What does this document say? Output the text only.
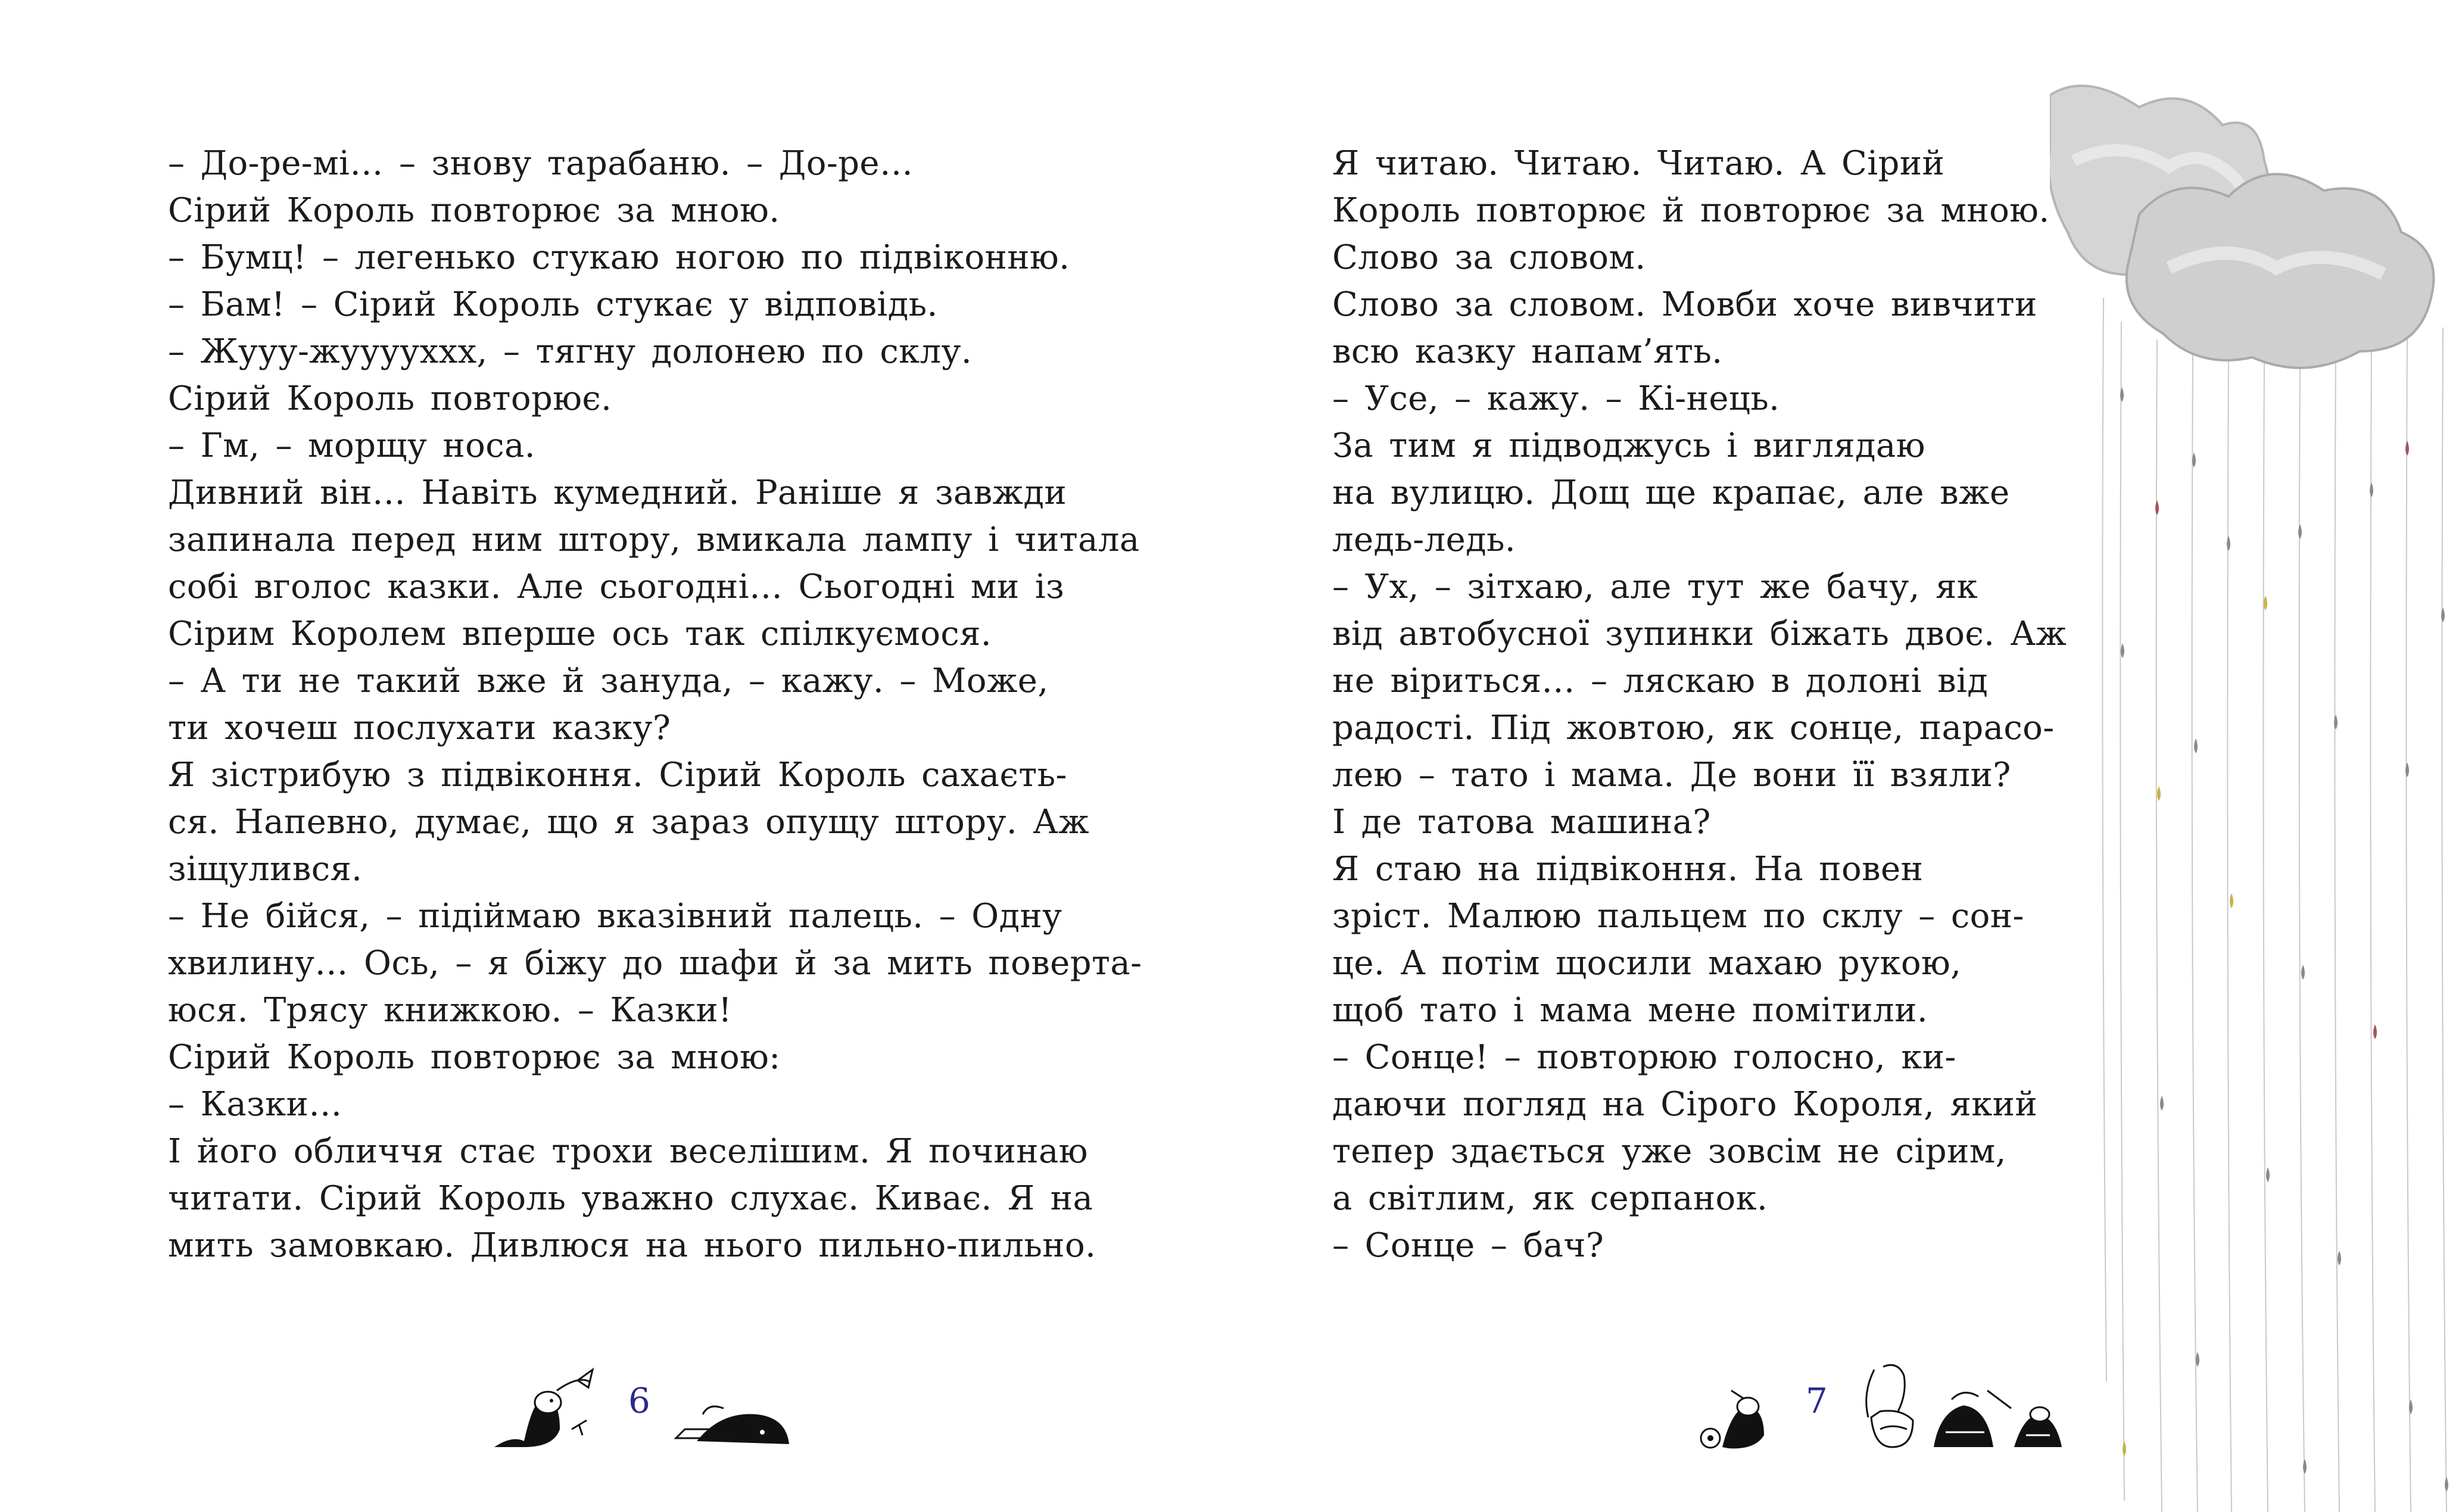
– До-ре-мі… – знову тарабаню. – До-ре…
Сірий Король повторює за мною.
– Бумц! – легенько стукаю ногою по підвіконню.
– Бам! – Сірий Король стукає у відповідь.
– Жууу-жууууххх, – тягну долонею по склу.
Сірий Король повторює.
– Гм, – морщу носа.
Дивний він… Навіть кумедний. Раніше я завжди
запинала перед ним штору, вмикала лампу і читала
собі вголос казки. Але сьогодні… Сьогодні ми із
Сірим Королем вперше ось так спілкуємося.
– А ти не такий вже й зануда, – кажу. – Може,
ти хочеш послухати казку?
Я зістрибую з підвіконня. Сірий Король сахаєть-
ся. Напевно, думає, що я зараз опущу штору. Аж
зіщулився.
– Не бійся, – підіймаю вказівний палець. – Одну
хвилину… Ось, – я біжу до шафи й за мить поверта-
юся. Трясу книжкою. – Казки!
Сірий Король повторює за мною:
– Казки…
І його обличчя стає трохи веселішим. Я починаю
читати. Сірий Король уважно слухає. Киває. Я на
мить замовкаю. Дивлюся на нього пильно-пильно.
6
Я читаю. Читаю. Читаю. А Сірий
Король повторює й повторює за мною.
Слово за словом.
Слово за словом. Мовби хоче вивчити
всю казку напам’ять.
– Усе, – кажу. – Кі-нець.
За тим я підводжусь і виглядаю
на вулицю. Дощ ще крапає, але вже
ледь-ледь.
– Ух, – зітхаю, але тут же бачу, як
від автобусної зупинки біжать двоє. Аж
не віриться… – ляскаю в долоні від
радості. Під жовтою, як сонце, парасо-
лею – тато і мама. Де вони її взяли?
І де татова машина?
Я стаю на підвіконня. На повен
зріст. Малюю пальцем по склу – сон-
це. А потім щосили махаю рукою,
щоб тато і мама мене помітили.
– Сонце! – повторюю голосно, ки-
даючи погляд на Сірого Короля, який
тепер здається уже зовсім не сірим,
а світлим, як серпанок.
– Сонце – бач?
7
